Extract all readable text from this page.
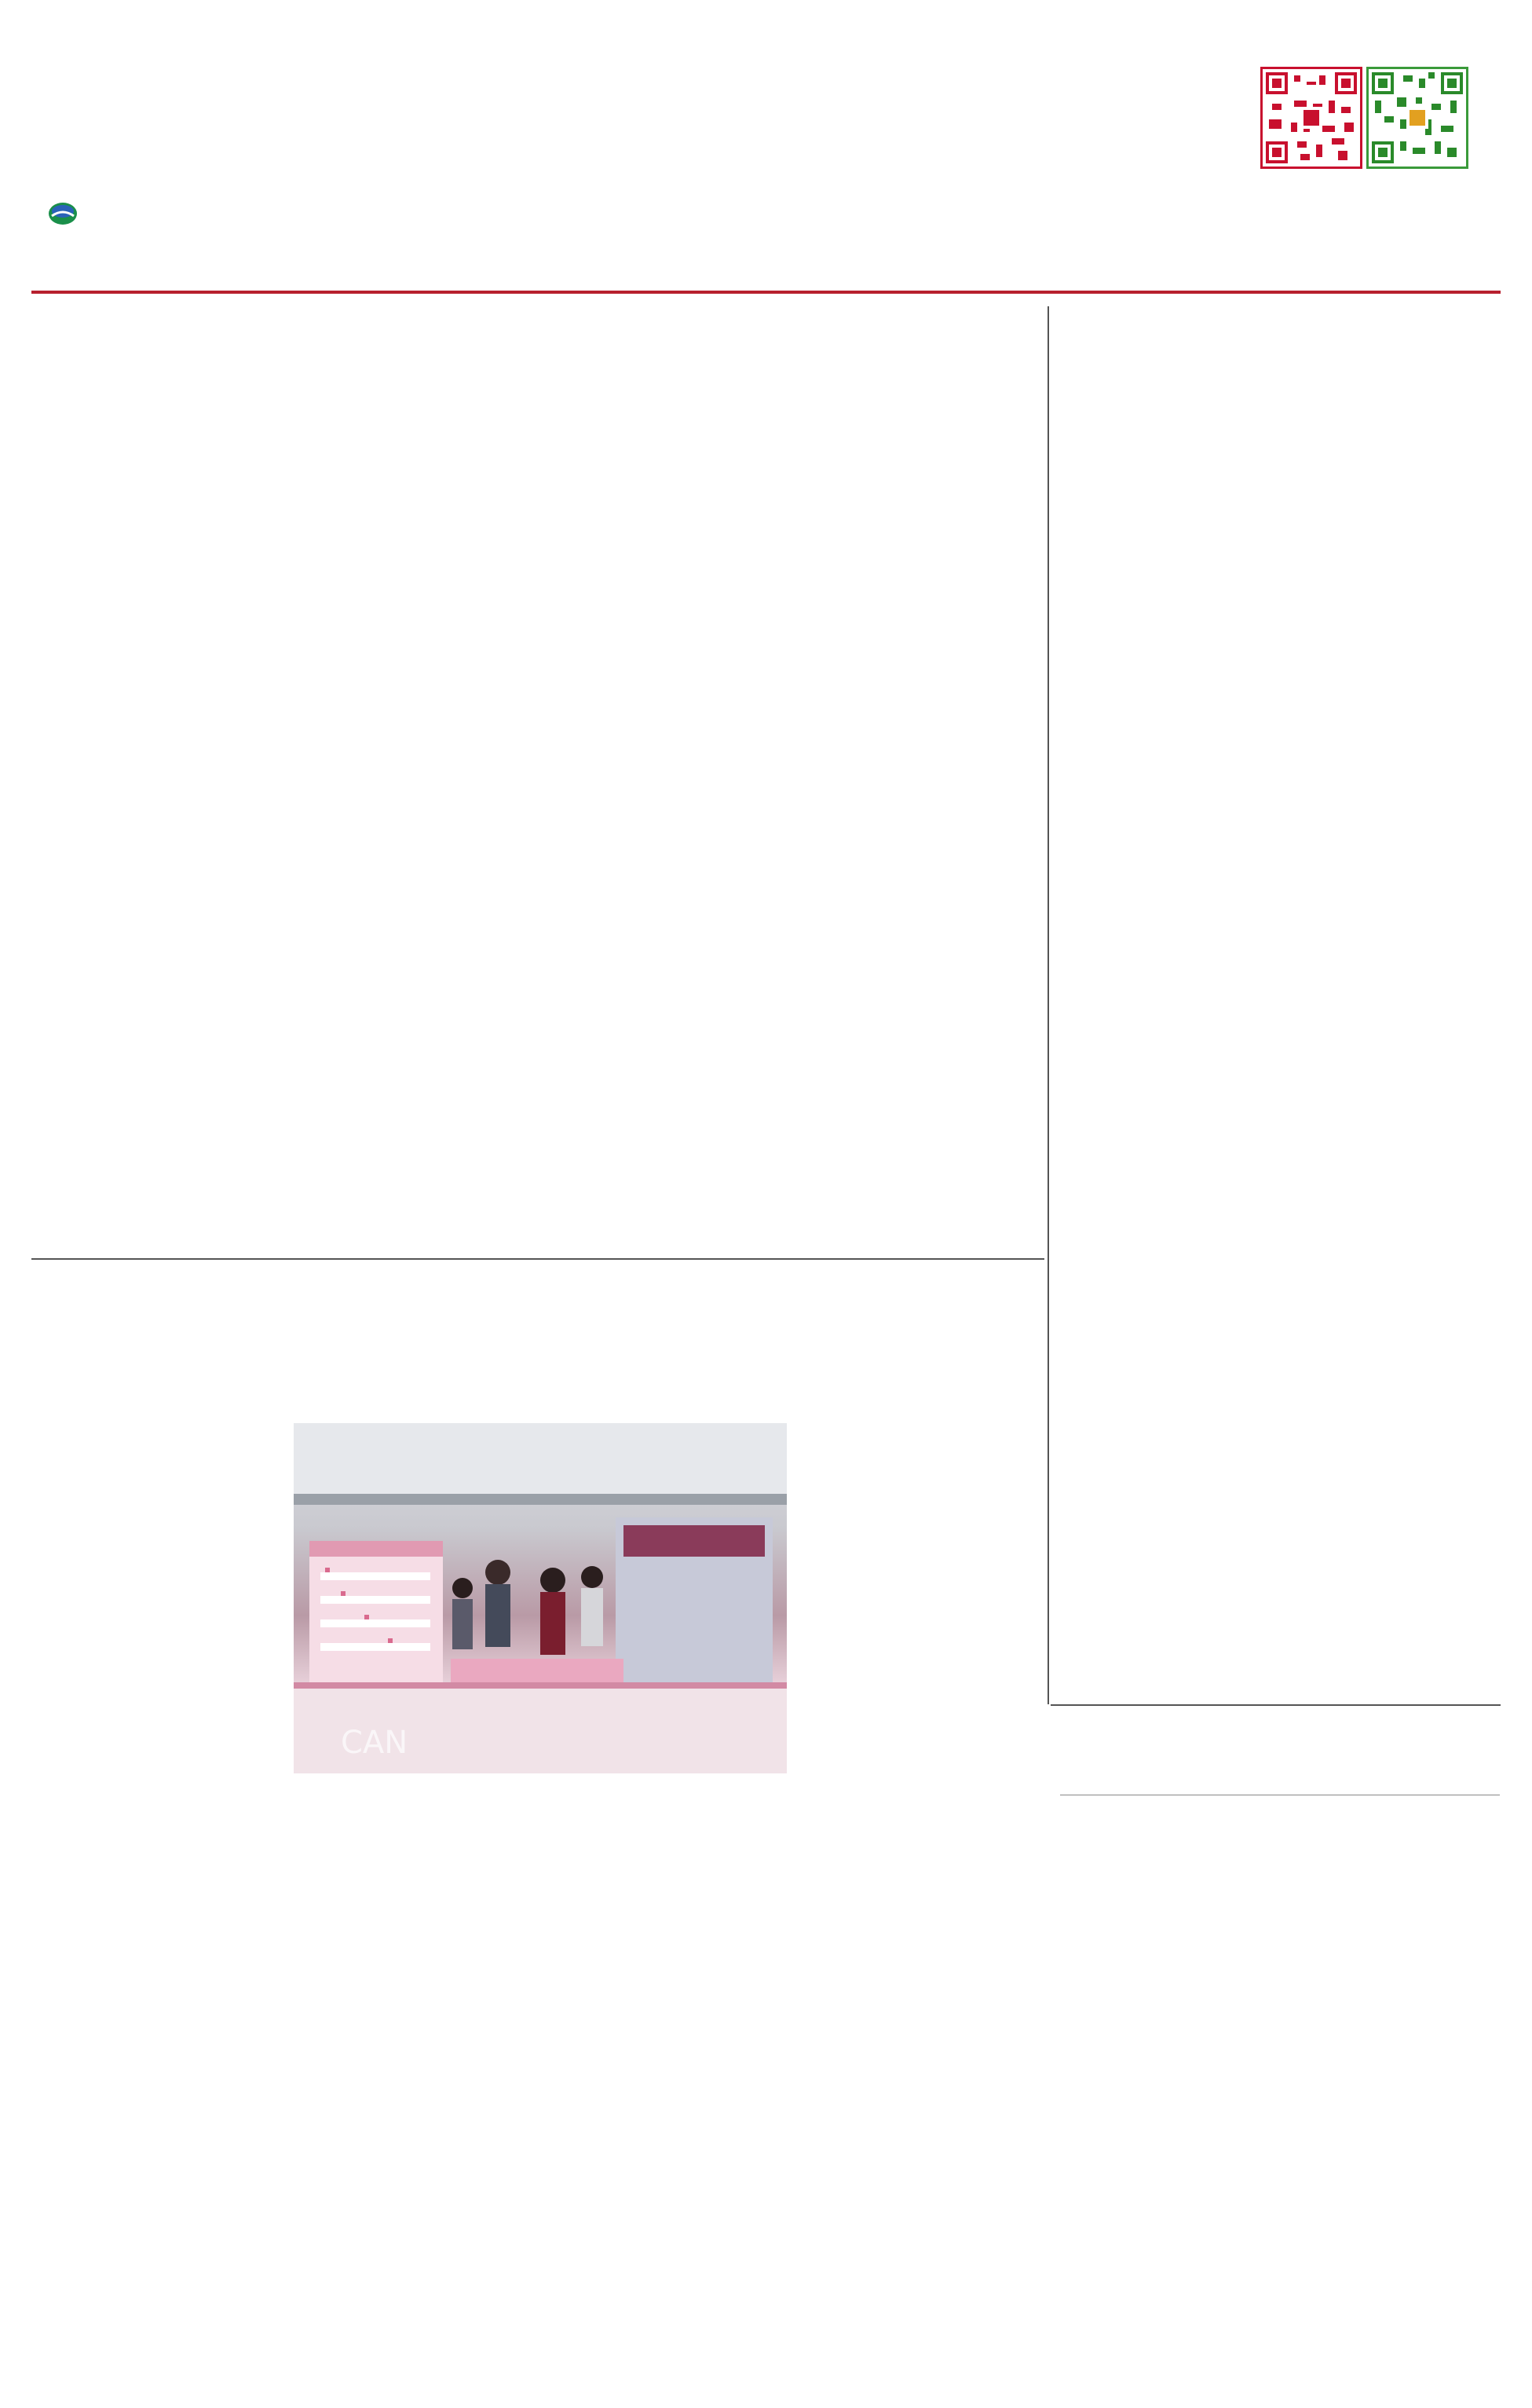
CAN
